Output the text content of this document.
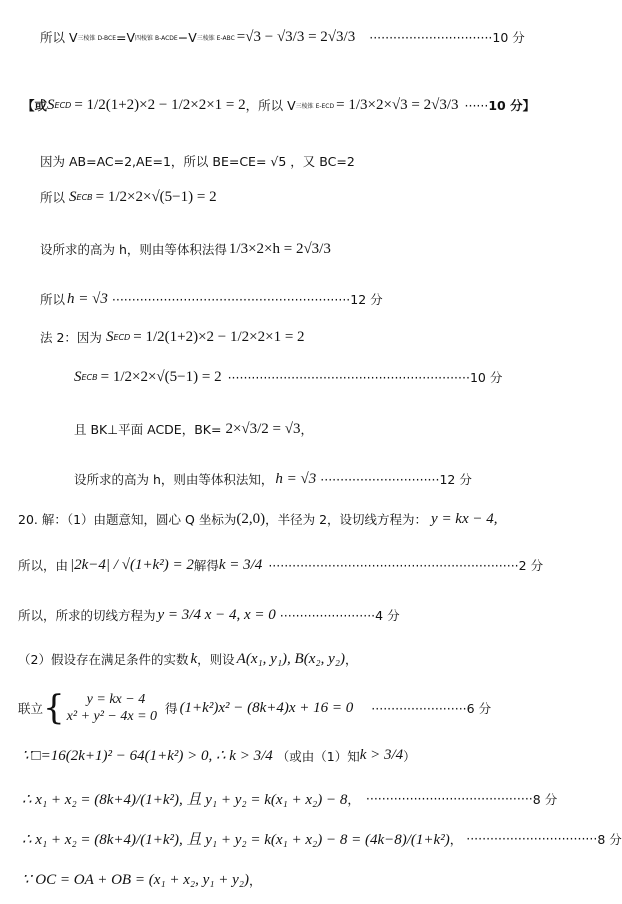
所以 V 三棱锥 D-BCE =V 四棱锥 B-ACDE −V 三棱锥 E-ABC =√3 − √3/3 = 2√3/3 ······························· 10 分
【或 S ECD = 1/2(1+2)×2 − 1/2×2×1 = 2 ，所以 V 三棱锥 E-ECD = 1/3×2×√3 = 2√3/3 ······ 10 分】
因为 AB=AC=2,AE=1，所以 BE=CE= √5 ，又 BC=2
所以 S ECB = 1/2×2×√(5−1) = 2
设所求的高为 h，则由等体积法得 1/3×2×h = 2√3/3
所以 h = √3 ···························································· 12 分
法 2：因为 S ECD = 1/2(1+2)×2 − 1/2×2×1 = 2
S ECB = 1/2×2×√(5−1) = 2 ····························································· 10 分
且 BK⊥平面 ACDE，BK= 2×√3/2 = √3 ，
设所求的高为 h，则由等体积法知， h = √3 ······························ 12 分
20. 解：（1）由题意知，圆心 Q 坐标为 (2,0) ，半径为 2，设切线方程为： y = kx − 4,
所以，由 |2k−4| / √(1+k²) = 2 解得 k = 3/4 ······························································· 2 分
所以，所求的切线方程为 y = 3/4 x − 4, x = 0 ························ 4 分
（2）假设存在满足条件的实数 k ，则设 A(x₁, y₁), B(x₂, y₂) ，
联立 {	y = kx − 4
x² + y² − 4x = 0
得 (1+k²)x² − (8k+4)x + 16 = 0 ························ 6 分
∵□=16(2k+1)² − 64(1+k²) > 0, ∴ k > 3/4 （或由（1）知 k > 3/4 ）
∴ x₁ + x₂ = (8k+4)/(1+k²), 且 y₁ + y₂ = k(x₁ + x₂) − 8 ， ·········································· 8 分
∴ x₁ + x₂ = (8k+4)/(1+k²), 且 y₁ + y₂ = k(x₁ + x₂) − 8 = (4k−8)/(1+k²) ， ································· 8 分
∵ OC = OA + OB = (x₁ + x₂, y₁ + y₂) ，
